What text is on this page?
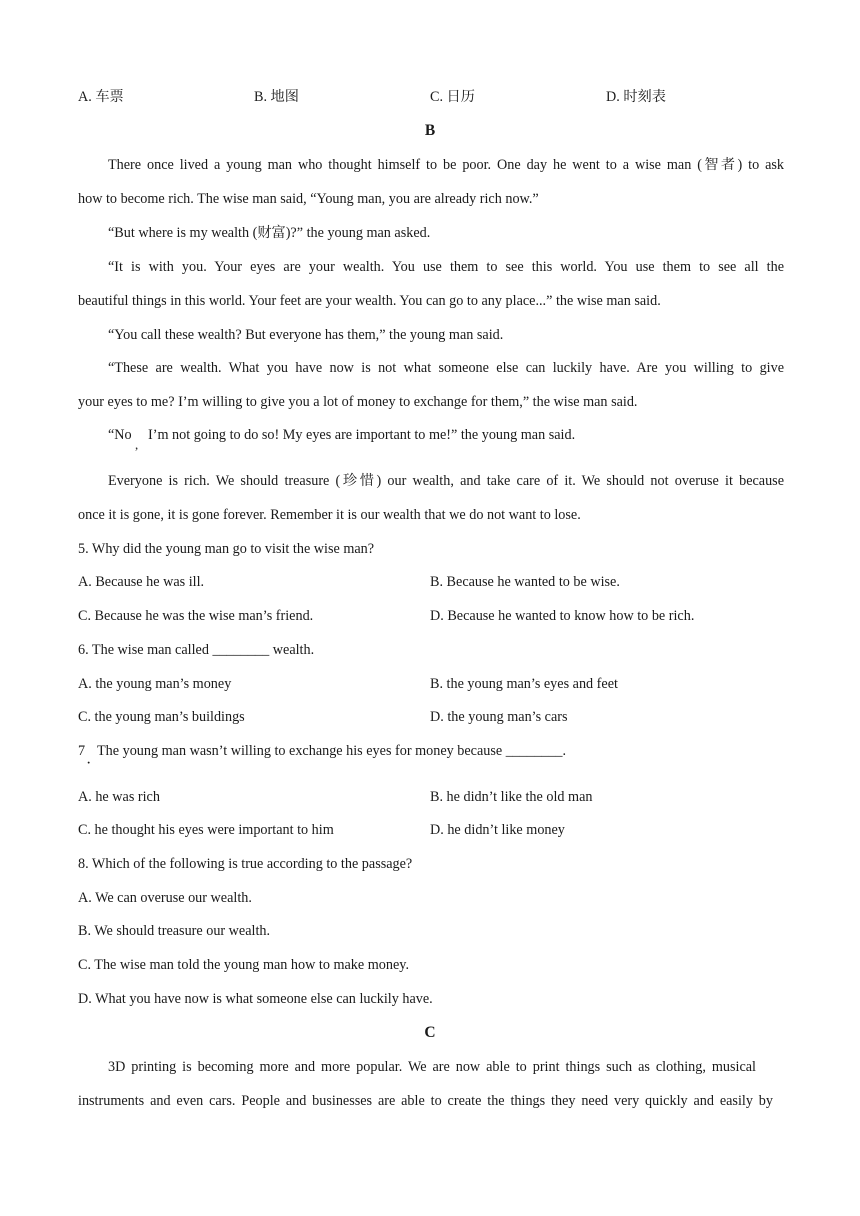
A. 车票	B. 地图	C. 日历	D. 时刻表
B
There once lived a young man who thought himself to be poor. One day he went to a wise man (智者) to ask
how to become rich. The wise man said, “Young man, you are already rich now.”
“But where is my wealth (财富)?” the young man asked.
“It is with you. Your eyes are your wealth. You use them to see this world. You use them to see all the
beautiful things in this world. Your feet are your wealth. You can go to any place...” the wise man said.
“You call these wealth? But everyone has them,” the young man said.
“These are wealth. What you have now is not what someone else can luckily have. Are you willing to give
your eyes to me? I’m willing to give you a lot of money to exchange for them,” the wise man said.
“No
,
I’m not going to do so! My eyes are important to me!” the young man said.
Everyone is rich. We should treasure (珍惜) our wealth, and take care of it. We should not overuse it because
once it is gone, it is gone forever. Remember it is our wealth that we do not want to lose.
5. Why did the young man go to visit the wise man?
A. Because he was ill.	B. Because he wanted to be wise.
C. Because he was the wise man’s friend.	D. Because he wanted to know how to be rich.
6. The wise man called ________ wealth.
A. the young man’s money	B. the young man’s eyes and feet
C. the young man’s buildings	D. the young man’s cars
7
·
The young man wasn’t willing to exchange his eyes for money because ________.
A. he was rich	B. he didn’t like the old man
C. he thought his eyes were important to him	D. he didn’t like money
8. Which of the following is true according to the passage?
A. We can overuse our wealth.
B. We should treasure our wealth.
C. The wise man told the young man how to make money.
D. What you have now is what someone else can luckily have.
C
3D printing is becoming more and more popular. We are now able to print things such as clothing, musical
instruments and even cars. People and businesses are able to create the things they need very quickly and easily by
